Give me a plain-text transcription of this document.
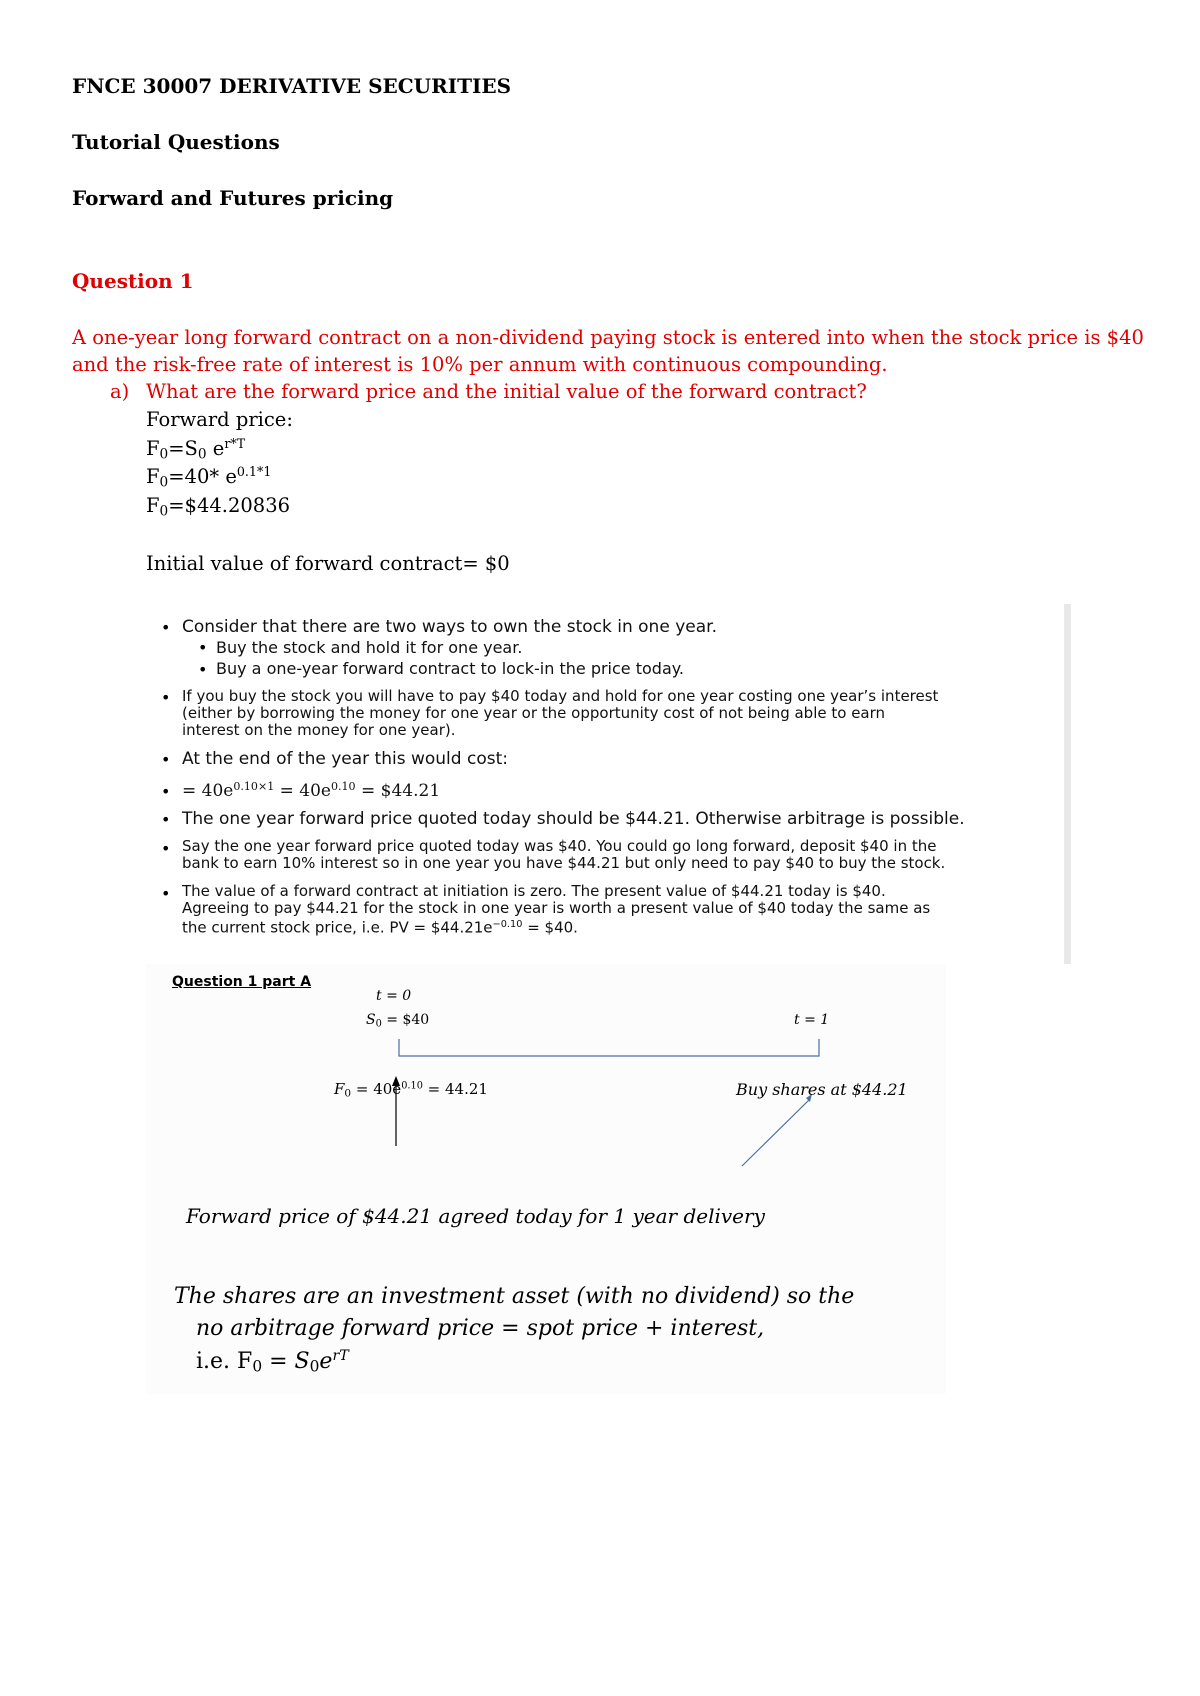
FNCE 30007 DERIVATIVE SECURITIES
Tutorial Questions
Forward and Futures pricing
Question 1
A one-year long forward contract on a non-dividend paying stock is entered into when the stock price is $40
and the risk-free rate of interest is 10% per annum with continuous compounding.
a) What are the forward price and the initial value of the forward contract?
Forward price:
$F_0=S_0$ $e^{r*T}$
$F_0=40*$ $e^{0.1*1}$
$F_0=\$44.20836$
Initial value of forward contract= $0
• Consider that there are two ways to own the stock in one year.
• Buy the stock and hold it for one year.
• Buy a one-year forward contract to lock-in the price today.
• If you buy the stock you will have to pay $40 today and hold for one year costing one year’s interest
(either by borrowing the money for one year or the opportunity cost of not being able to earn
interest on the money for one year).
• At the end of the year this would cost:
• = $40e^{0.10\times 1} = 40e^{0.10}$ = $44.21
• The one year forward price quoted today should be $44.21. Otherwise arbitrage is possible.
• Say the one year forward price quoted today was $40. You could go long forward, deposit $40 in the
bank to earn 10% interest so in one year you have $44.21 but only need to pay $40 to buy the stock.
• The value of a forward contract at initiation is zero. The present value of $44.21 today is $40.
Agreeing to pay $44.21 for the stock in one year is worth a present value of $40 today the same as
the current stock price, i.e. PV = $\$44.21e^{-0.10}$ = $40.
Question 1 part A
t = 0
$S_0$ = $40	t = 1
$F_0 = 40e^{0.10} = 44.21$	Buy shares at $44.21
Forward price of $44.21 agreed today for 1 year delivery
The shares are an investment asset (with no dividend) so the
no arbitrage forward price = spot price + interest,
i.e. $F_0 = S_0e^{rT}$
